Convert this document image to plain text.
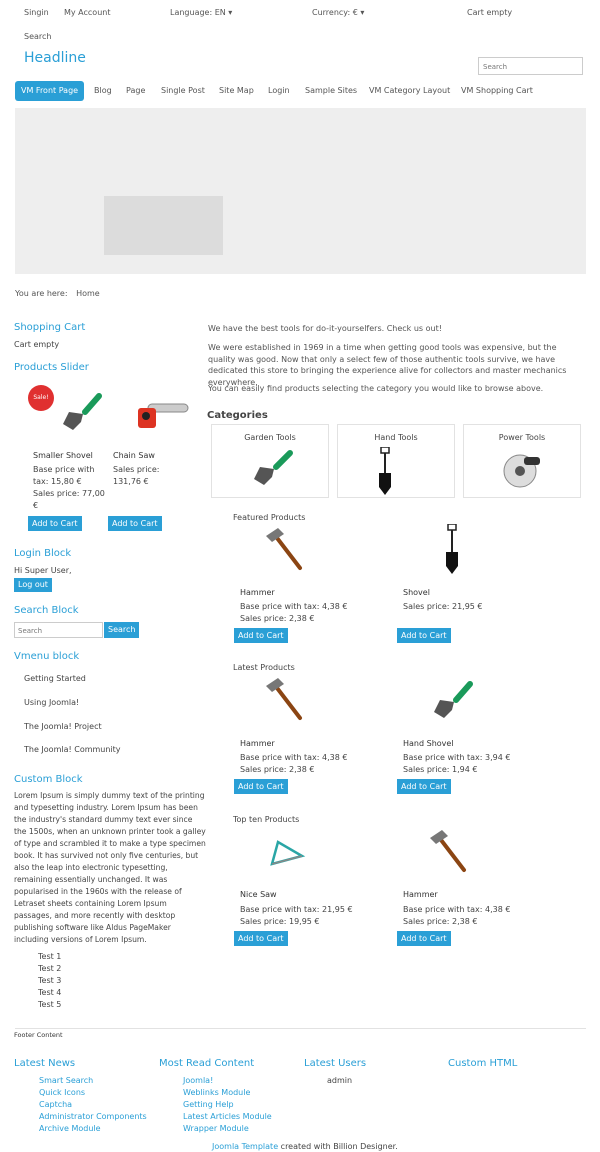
Singin My Account	Language: EN ▾	Currency: € ▾	Cart empty
Search
Headline
Search
VM Front Page	Blog Page Single Post Site Map Login Sample Sites VM Category Layout VM Shopping Cart
You are here: Home
Shopping Cart
Cart empty
Products Slider
Sale!
Smaller Shovel
Base price with
tax: 15,80 €
Sales price: 77,00
€
Add to Cart
Chain Saw
Sales price:
131,76 €
Add to Cart
Login Block
Hi Super User,
Log out
Search Block
Search	Search
Vmenu block
Getting Started
Using Joomla!
The Joomla! Project
The Joomla! Community
Custom Block
Lorem Ipsum is simply dummy text of the printing and typesetting industry. Lorem Ipsum has been the industry's standard dummy text ever since the 1500s, when an unknown printer took a galley of type and scrambled it to make a type specimen book. It has survived not only five centuries, but also the leap into electronic typesetting, remaining essentially unchanged. It was popularised in the 1960s with the release of Letraset sheets containing Lorem Ipsum passages, and more recently with desktop publishing software like Aldus PageMaker including versions of Lorem Ipsum.
Test 1
Test 2
Test 3
Test 4
Test 5
We have the best tools for do-it-yourselfers. Check us out!
We were established in 1969 in a time when getting good tools was expensive, but the quality was good. Now that only a select few of those authentic tools survive, we have dedicated this store to bringing the experience alive for collectors and master mechanics everywhere.
You can easily find products selecting the category you would like to browse above.
Categories
Garden Tools	Hand Tools	Power Tools
Featured Products
Hammer
Base price with tax: 4,38 €
Sales price: 2,38 €
Add to Cart
Shovel
Sales price: 21,95 €
Add to Cart
Latest Products
Hammer
Base price with tax: 4,38 €
Sales price: 2,38 €
Add to Cart
Hand Shovel
Base price with tax: 3,94 €
Sales price: 1,94 €
Add to Cart
Top ten Products
Nice Saw
Base price with tax: 21,95 €
Sales price: 19,95 €
Add to Cart
Hammer
Base price with tax: 4,38 €
Sales price: 2,38 €
Add to Cart
Footer Content
Latest News
Smart Search
Quick Icons
Captcha
Administrator Components
Archive Module
Most Read Content
Joomla!
Weblinks Module
Getting Help
Latest Articles Module
Wrapper Module
Latest Users
admin
Custom HTML
Joomla Template created with Billion Designer.
